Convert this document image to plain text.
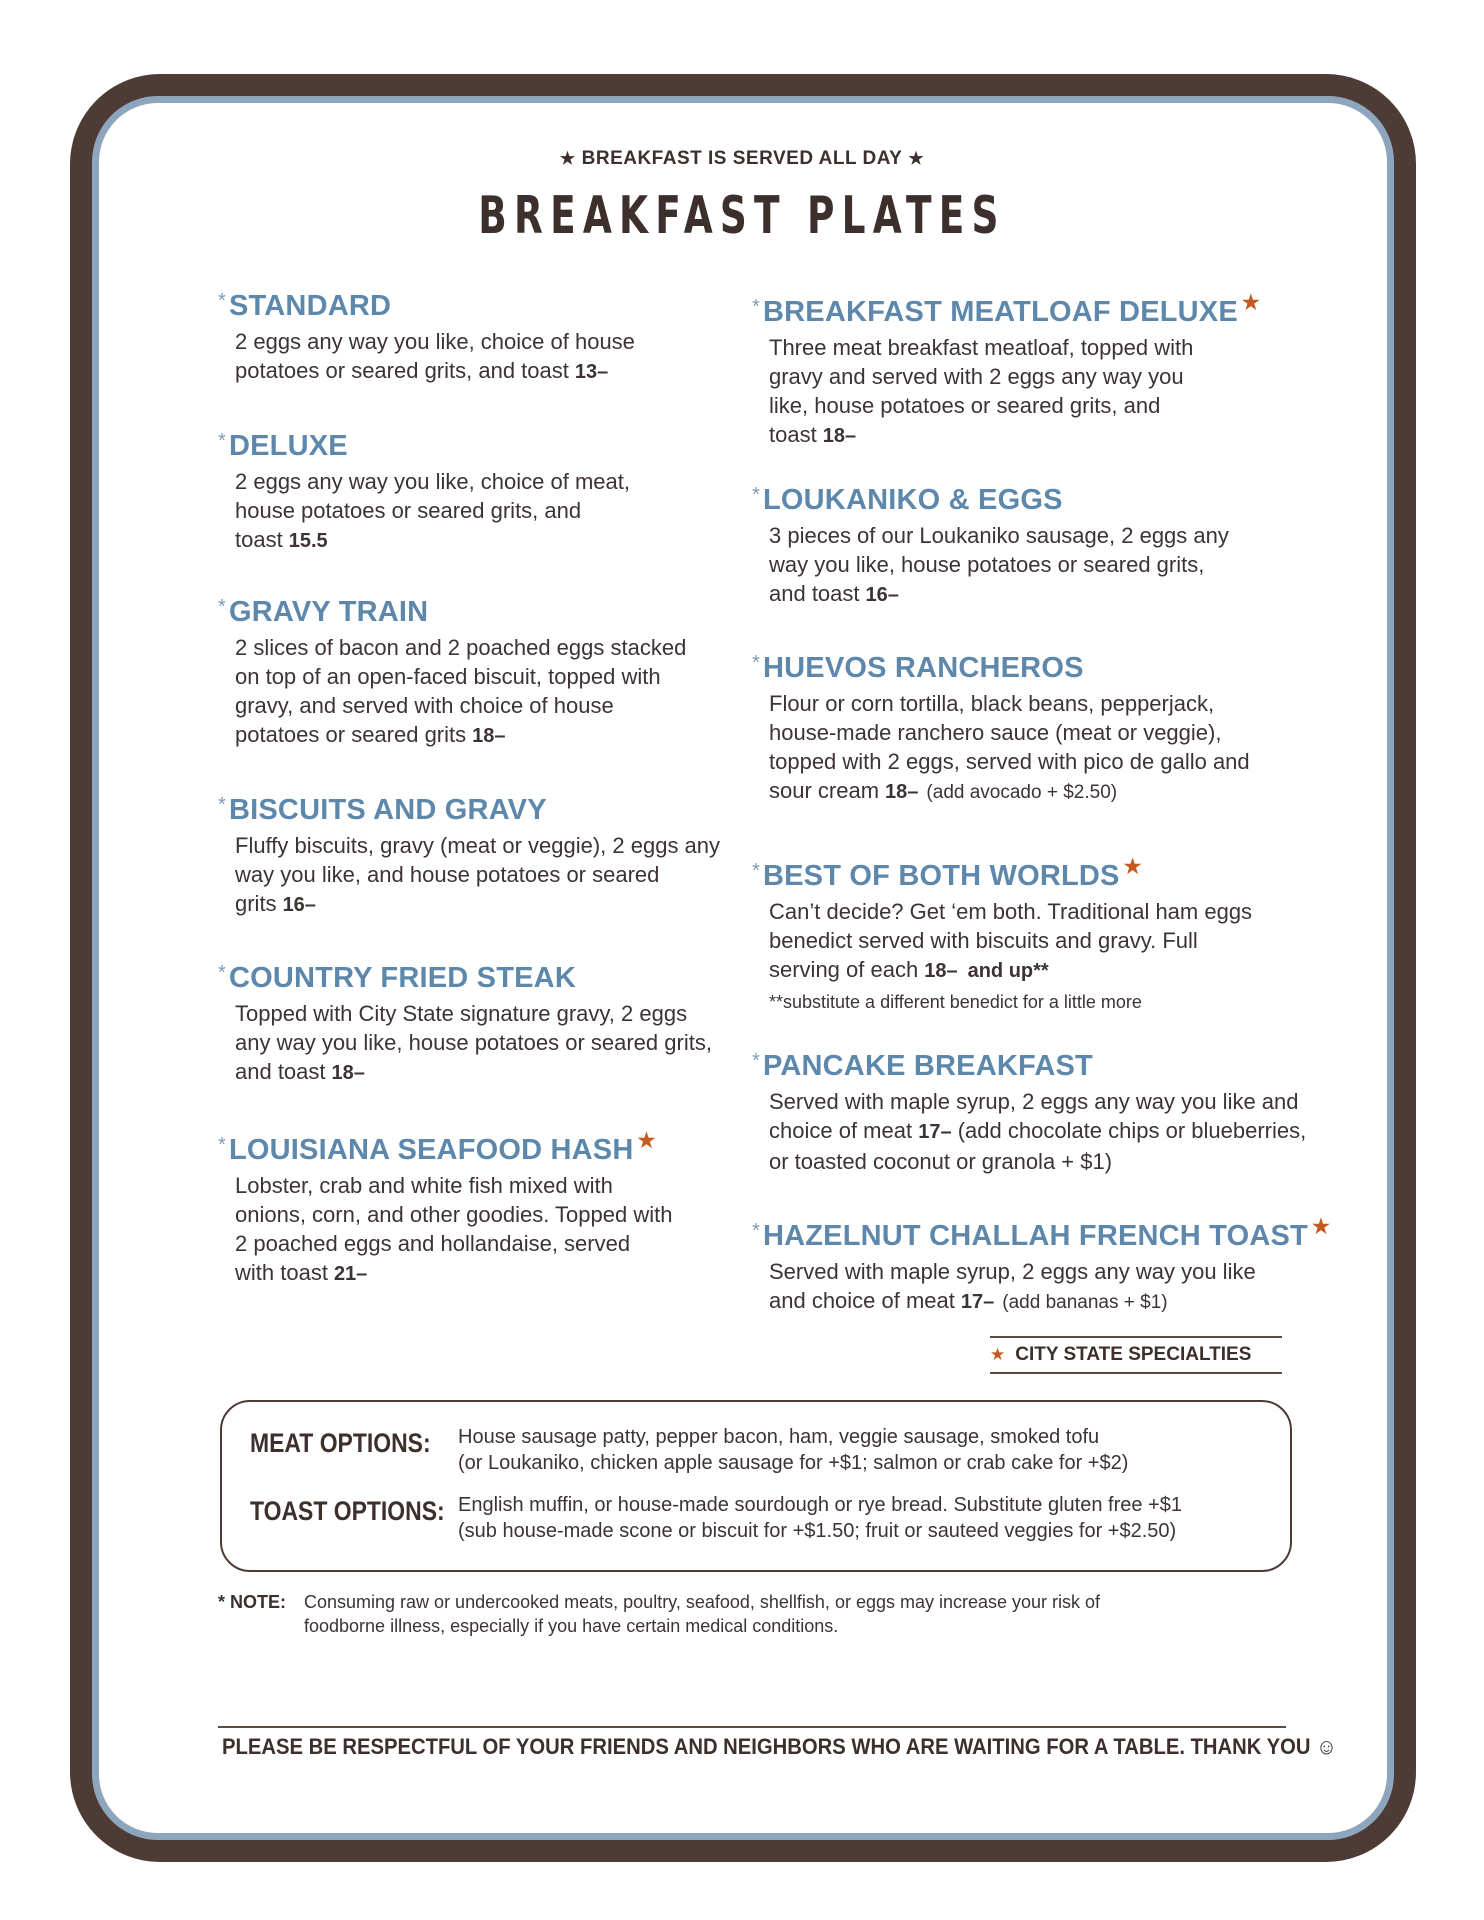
★ BREAKFAST IS SERVED ALL DAY ★
BREAKFAST PLATES
* STANDARD
2 eggs any way you like, choice of house potatoes or seared grits, and toast 13–
* DELUXE
2 eggs any way you like, choice of meat, house potatoes or seared grits, and toast 15.5
* GRAVY TRAIN
2 slices of bacon and 2 poached eggs stacked on top of an open-faced biscuit, topped with gravy, and served with choice of house potatoes or seared grits 18–
* BISCUITS AND GRAVY
Fluffy biscuits, gravy (meat or veggie), 2 eggs any way you like, and house potatoes or seared grits 16–
* COUNTRY FRIED STEAK
Topped with City State signature gravy, 2 eggs any way you like, house potatoes or seared grits, and toast 18–
* LOUISIANA SEAFOOD HASH ★
Lobster, crab and white fish mixed with onions, corn, and other goodies. Topped with 2 poached eggs and hollandaise, served with toast 21–
* BREAKFAST MEATLOAF DELUXE ★
Three meat breakfast meatloaf, topped with gravy and served with 2 eggs any way you like, house potatoes or seared grits, and toast 18–
* LOUKANIKO & EGGS
3 pieces of our Loukaniko sausage, 2 eggs any way you like, house potatoes or seared grits, and toast 16–
* HUEVOS RANCHEROS
Flour or corn tortilla, black beans, pepperjack, house-made ranchero sauce (meat or veggie), topped with 2 eggs, served with pico de gallo and sour cream 18– (add avocado + $2.50)
* BEST OF BOTH WORLDS ★
Can’t decide? Get ‘em both. Traditional ham eggs benedict served with biscuits and gravy. Full serving of each 18– and up**
**substitute a different benedict for a little more
* PANCAKE BREAKFAST
Served with maple syrup, 2 eggs any way you like and choice of meat 17– (add chocolate chips or blueberries, or toasted coconut or granola + $1)
* HAZELNUT CHALLAH FRENCH TOAST ★
Served with maple syrup, 2 eggs any way you like and choice of meat 17– (add bananas + $1)
★ CITY STATE SPECIALTIES
MEAT OPTIONS: House sausage patty, pepper bacon, ham, veggie sausage, smoked tofu
(or Loukaniko, chicken apple sausage for +$1; salmon or crab cake for +$2)
TOAST OPTIONS: English muffin, or house-made sourdough or rye bread. Substitute gluten free +$1
(sub house-made scone or biscuit for +$1.50; fruit or sauteed veggies for +$2.50)
* NOTE: Consuming raw or undercooked meats, poultry, seafood, shellfish, or eggs may increase your risk of
foodborne illness, especially if you have certain medical conditions.
PLEASE BE RESPECTFUL OF YOUR FRIENDS AND NEIGHBORS WHO ARE WAITING FOR A TABLE. THANK YOU ☺
